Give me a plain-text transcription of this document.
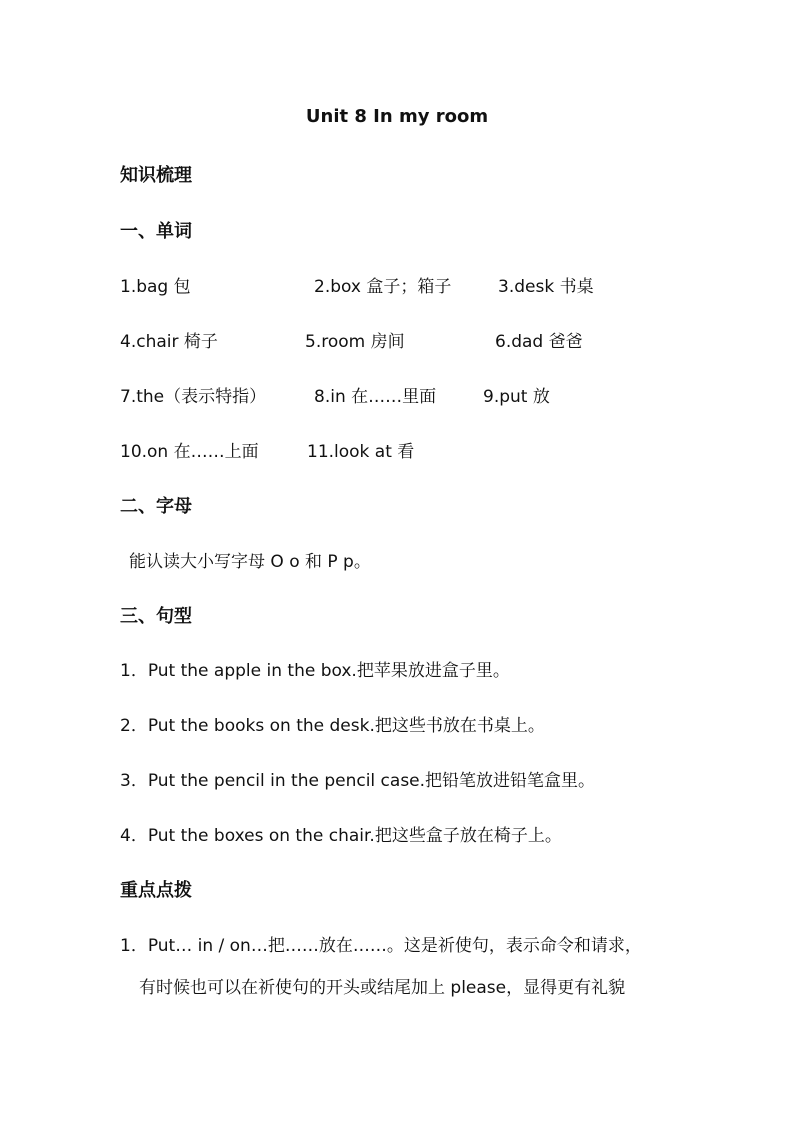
Unit 8 In my room
知识梳理
一、单词
1.bag 包	2.box 盒子；箱子	3.desk 书桌
4.chair 椅子	5.room 房间	6.dad 爸爸
7.the（表示特指）	8.in 在……里面	9.put 放
10.on 在……上面	11.look at 看
二、字母
能认读大小写字母 O o 和 P p。
三、句型
1．Put the apple in the box.把苹果放进盒子里。
2．Put the books on the desk.把这些书放在书桌上。
3．Put the pencil in the pencil case.把铅笔放进铅笔盒里。
4．Put the boxes on the chair.把这些盒子放在椅子上。
重点点拨
1．Put… in / on…把……放在……。这是祈使句，表示命令和请求，
有时候也可以在祈使句的开头或结尾加上 please，显得更有礼貌
